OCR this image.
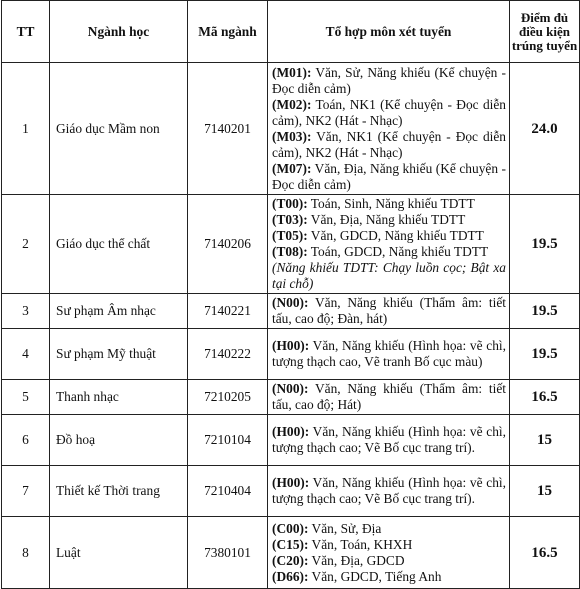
TT	Ngành học	Mã ngành	Tổ hợp môn xét tuyển	Điểm đủ điều kiện trúng tuyển
1	Giáo dục Mầm non	7140201	(M01): Văn, Sử, Năng khiếu (Kể chuyện - Đọc diễn cảm)
(M02): Toán, NK1 (Kể chuyện - Đọc diễn cảm), NK2 (Hát - Nhạc)
(M03): Văn, NK1 (Kể chuyện - Đọc diễn cảm), NK2 (Hát - Nhạc)
(M07): Văn, Địa, Năng khiếu (Kể chuyện - Đọc diễn cảm)	24.0
2	Giáo dục thể chất	7140206	(T00): Toán, Sinh, Năng khiếu TDTT
(T03): Văn, Địa, Năng khiếu TDTT
(T05): Văn, GDCD, Năng khiếu TDTT
(T08): Toán, GDCD, Năng khiếu TDTT
(Năng khiếu TDTT: Chạy luồn cọc; Bật xa tại chỗ)	19.5
3	Sư phạm Âm nhạc	7140221	(N00): Văn, Năng khiếu (Thẩm âm: tiết tấu, cao độ; Đàn, hát)	19.5
4	Sư phạm Mỹ thuật	7140222	(H00): Văn, Năng khiếu (Hình họa: vẽ chì, tượng thạch cao, Vẽ tranh Bố cục màu)	19.5
5	Thanh nhạc	7210205	(N00): Văn, Năng khiếu (Thẩm âm: tiết tấu, cao độ; Hát)	16.5
6	Đồ hoạ	7210104	(H00): Văn, Năng khiếu (Hình họa: vẽ chì, tượng thạch cao; Vẽ Bố cục trang trí).	15
7	Thiết kế Thời trang	7210404	(H00): Văn, Năng khiếu (Hình họa: vẽ chì, tượng thạch cao; Vẽ Bố cục trang trí).	15
8	Luật	7380101	(C00): Văn, Sử, Địa
(C15): Văn, Toán, KHXH
(C20): Văn, Địa, GDCD
(D66): Văn, GDCD, Tiếng Anh	16.5
